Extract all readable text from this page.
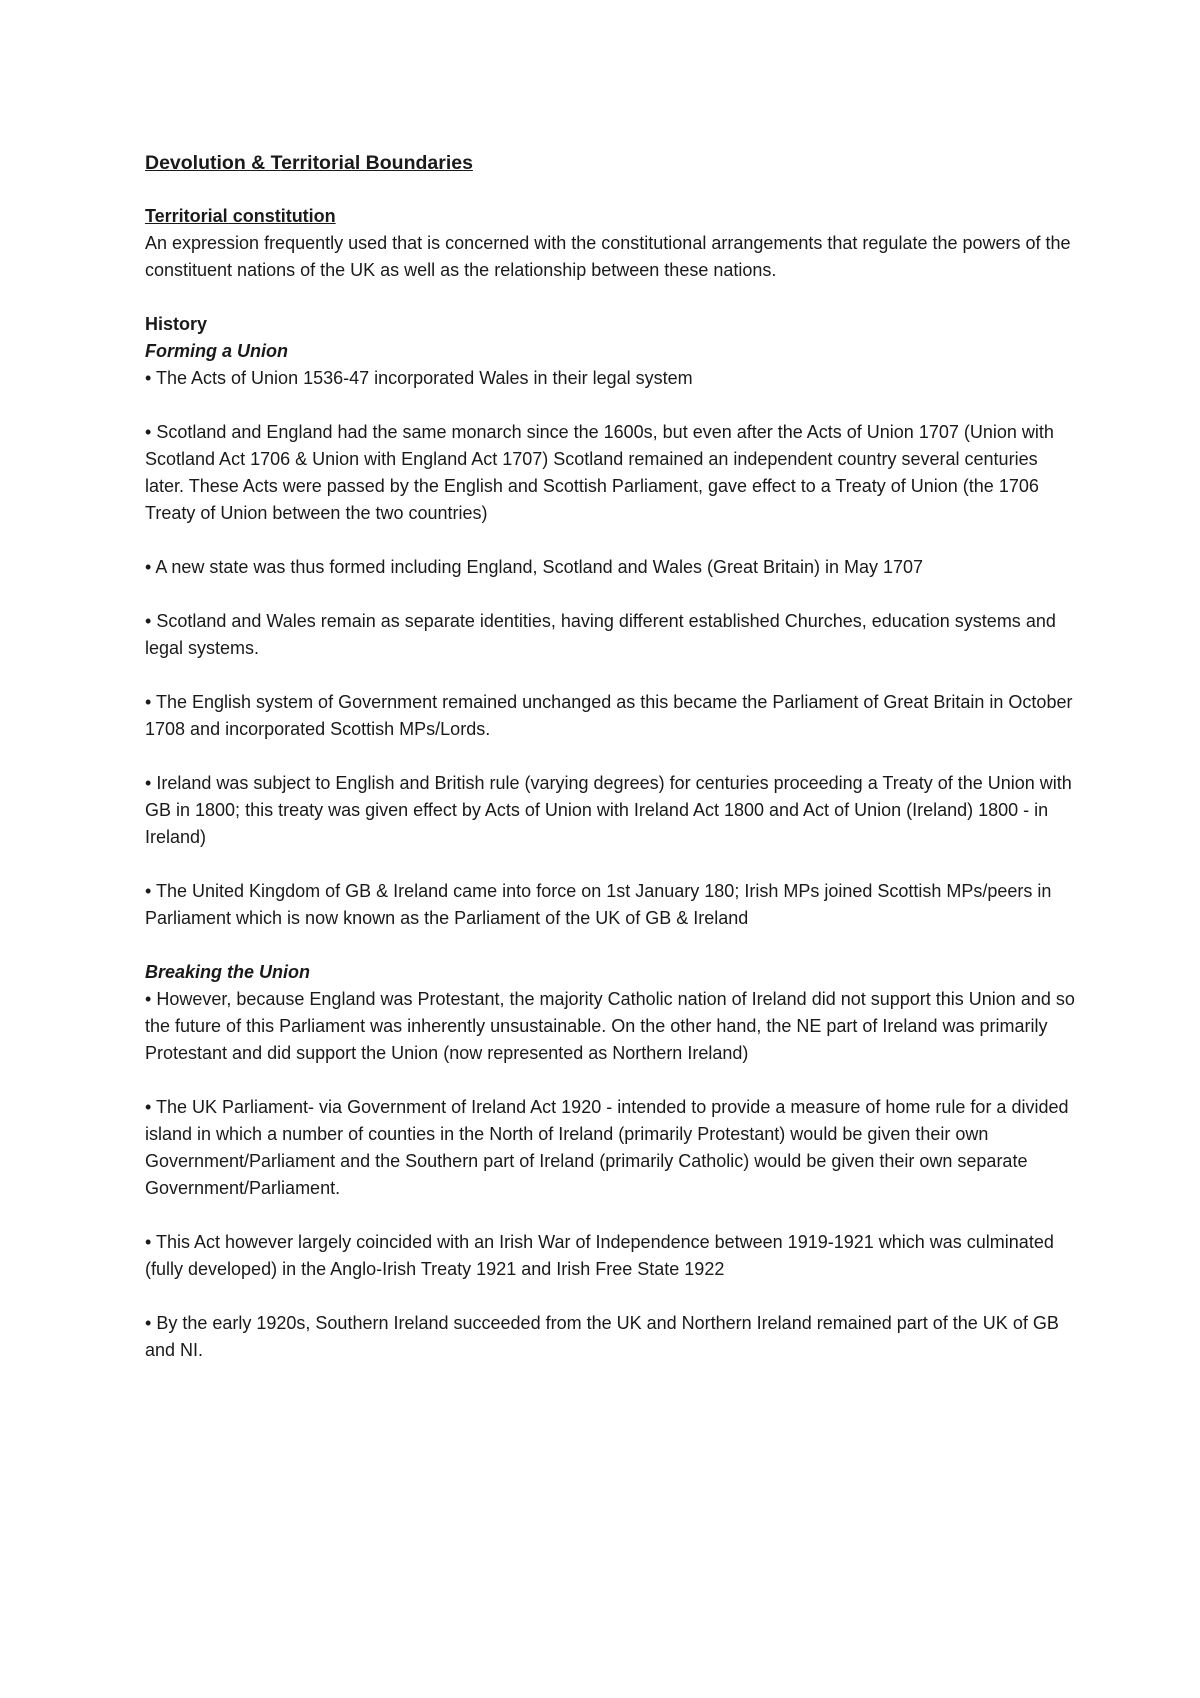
Devolution & Territorial Boundaries

Territorial constitution

An expression frequently used that is concerned with the constitutional arrangements that regulate the powers of the constituent nations of the UK as well as the relationship between these nations.

History

Forming a Union

• The Acts of Union 1536-47 incorporated Wales in their legal system

• Scotland and England had the same monarch since the 1600s, but even after the Acts of Union 1707 (Union with Scotland Act 1706 & Union with England Act 1707) Scotland remained an independent country several centuries later. These Acts were passed by the English and Scottish Parliament, gave effect to a Treaty of Union (the 1706 Treaty of Union between the two countries)

• A new state was thus formed including England, Scotland and Wales (Great Britain) in May 1707

• Scotland and Wales remain as separate identities, having different established Churches, education systems and legal systems.

• The English system of Government remained unchanged as this became the Parliament of Great Britain in October 1708 and incorporated Scottish MPs/Lords.

• Ireland was subject to English and British rule (varying degrees) for centuries proceeding a Treaty of the Union with GB in 1800; this treaty was given effect by Acts of Union with Ireland Act 1800 and Act of Union (Ireland) 1800 - in Ireland)

• The United Kingdom of GB & Ireland came into force on 1st January 180; Irish MPs joined Scottish MPs/peers in Parliament which is now known as the Parliament of the UK of GB & Ireland

Breaking the Union

• However, because England was Protestant, the majority Catholic nation of Ireland did not support this Union and so the future of this Parliament was inherently unsustainable. On the other hand, the NE part of Ireland was primarily Protestant and did support the Union (now represented as Northern Ireland)

• The UK Parliament- via Government of Ireland Act 1920 - intended to provide a measure of home rule for a divided island in which a number of counties in the North of Ireland (primarily Protestant) would be given their own Government/Parliament and the Southern part of Ireland (primarily Catholic) would be given their own separate Government/Parliament.

• This Act however largely coincided with an Irish War of Independence between 1919-1921 which was culminated (fully developed) in the Anglo-Irish Treaty 1921 and Irish Free State 1922

• By the early 1920s, Southern Ireland succeeded from the UK and Northern Ireland remained part of the UK of GB and NI.
